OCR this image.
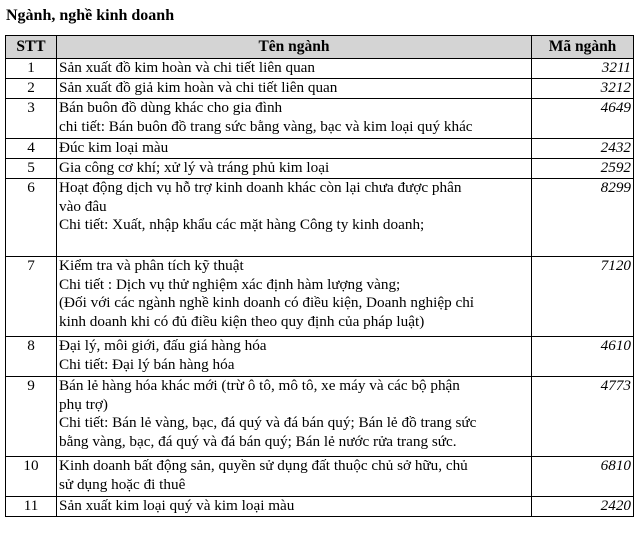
Ngành, nghề kinh doanh
STT	Tên ngành	Mã ngành
1	Sản xuất đồ kim hoàn và chi tiết liên quan	3211
2	Sản xuất đồ giả kim hoàn và chi tiết liên quan	3212
3	Bán buôn đồ dùng khác cho gia đình
chi tiết: Bán buôn đồ trang sức bằng vàng, bạc và kim loại quý khác	4649
4	Đúc kim loại màu	2432
5	Gia công cơ khí; xử lý và tráng phủ kim loại	2592
6	Hoạt động dịch vụ hỗ trợ kinh doanh khác còn lại chưa được phân
vào đâu
Chi tiết: Xuất, nhập khẩu các mặt hàng Công ty kinh doanh;	8299
7	Kiểm tra và phân tích kỹ thuật
Chi tiết : Dịch vụ thử nghiệm xác định hàm lượng vàng;
(Đối với các ngành nghề kinh doanh có điều kiện, Doanh nghiệp chỉ
kinh doanh khi có đủ điều kiện theo quy định của pháp luật)	7120
8	Đại lý, môi giới, đấu giá hàng hóa
Chi tiết: Đại lý bán hàng hóa	4610
9	Bán lẻ hàng hóa khác mới (trừ ô tô, mô tô, xe máy và các bộ phận
phụ trợ)
Chi tiết: Bán lẻ vàng, bạc, đá quý và đá bán quý; Bán lẻ đồ trang sức
bằng vàng, bạc, đá quý và đá bán quý; Bán lẻ nước rửa trang sức.	4773
10	Kinh doanh bất động sản, quyền sử dụng đất thuộc chủ sở hữu, chủ
sử dụng hoặc đi thuê	6810
11	Sản xuất kim loại quý và kim loại màu	2420
